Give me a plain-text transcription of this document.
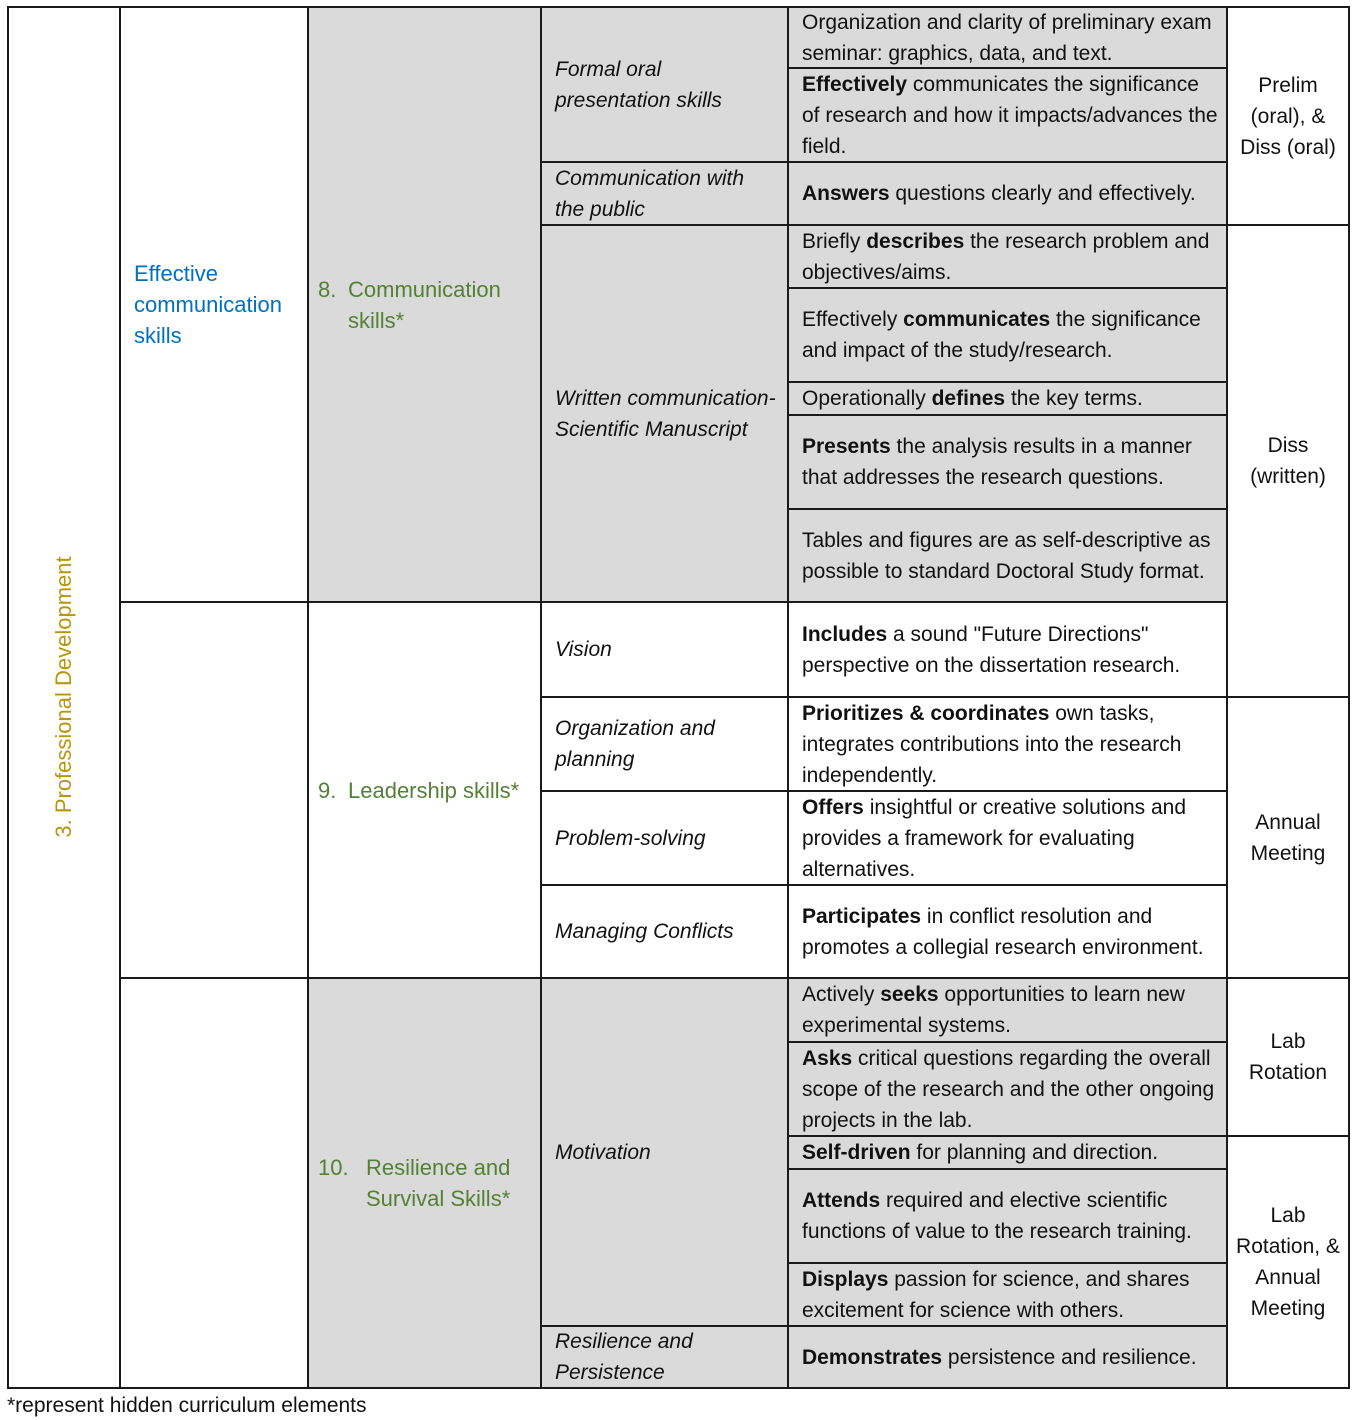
3. Professional Development
Effective communication skills
8. Communication skills*
9. Leadership skills*
10. Resilience and Survival Skills*
Formal oral presentation skills
Communication with the public
Written communication-Scientific Manuscript
Vision
Organization and planning
Problem-solving
Managing Conflicts
Motivation
Resilience and Persistence
Organization and clarity of preliminary exam seminar: graphics, data, and text.
Effectively communicates the significance of research and how it impacts/advances the field.
Answers questions clearly and effectively.
Briefly describes the research problem and objectives/aims.
Effectively communicates the significance and impact of the study/research.
Operationally defines the key terms.
Presents the analysis results in a manner that addresses the research questions.
Tables and figures are as self-descriptive as possible to standard Doctoral Study format.
Includes a sound "Future Directions" perspective on the dissertation research.
Prioritizes & coordinates own tasks, integrates contributions into the research independently.
Offers insightful or creative solutions and provides a framework for evaluating alternatives.
Participates in conflict resolution and promotes a collegial research environment.
Actively seeks opportunities to learn new experimental systems.
Asks critical questions regarding the overall scope of the research and the other ongoing projects in the lab.
Self-driven for planning and direction.
Attends required and elective scientific functions of value to the research training.
Displays passion for science, and shares excitement for science with others.
Demonstrates persistence and resilience.
Prelim (oral), & Diss (oral)
Diss (written)
Annual Meeting
Lab Rotation
Lab Rotation, & Annual Meeting
*represent hidden curriculum elements
